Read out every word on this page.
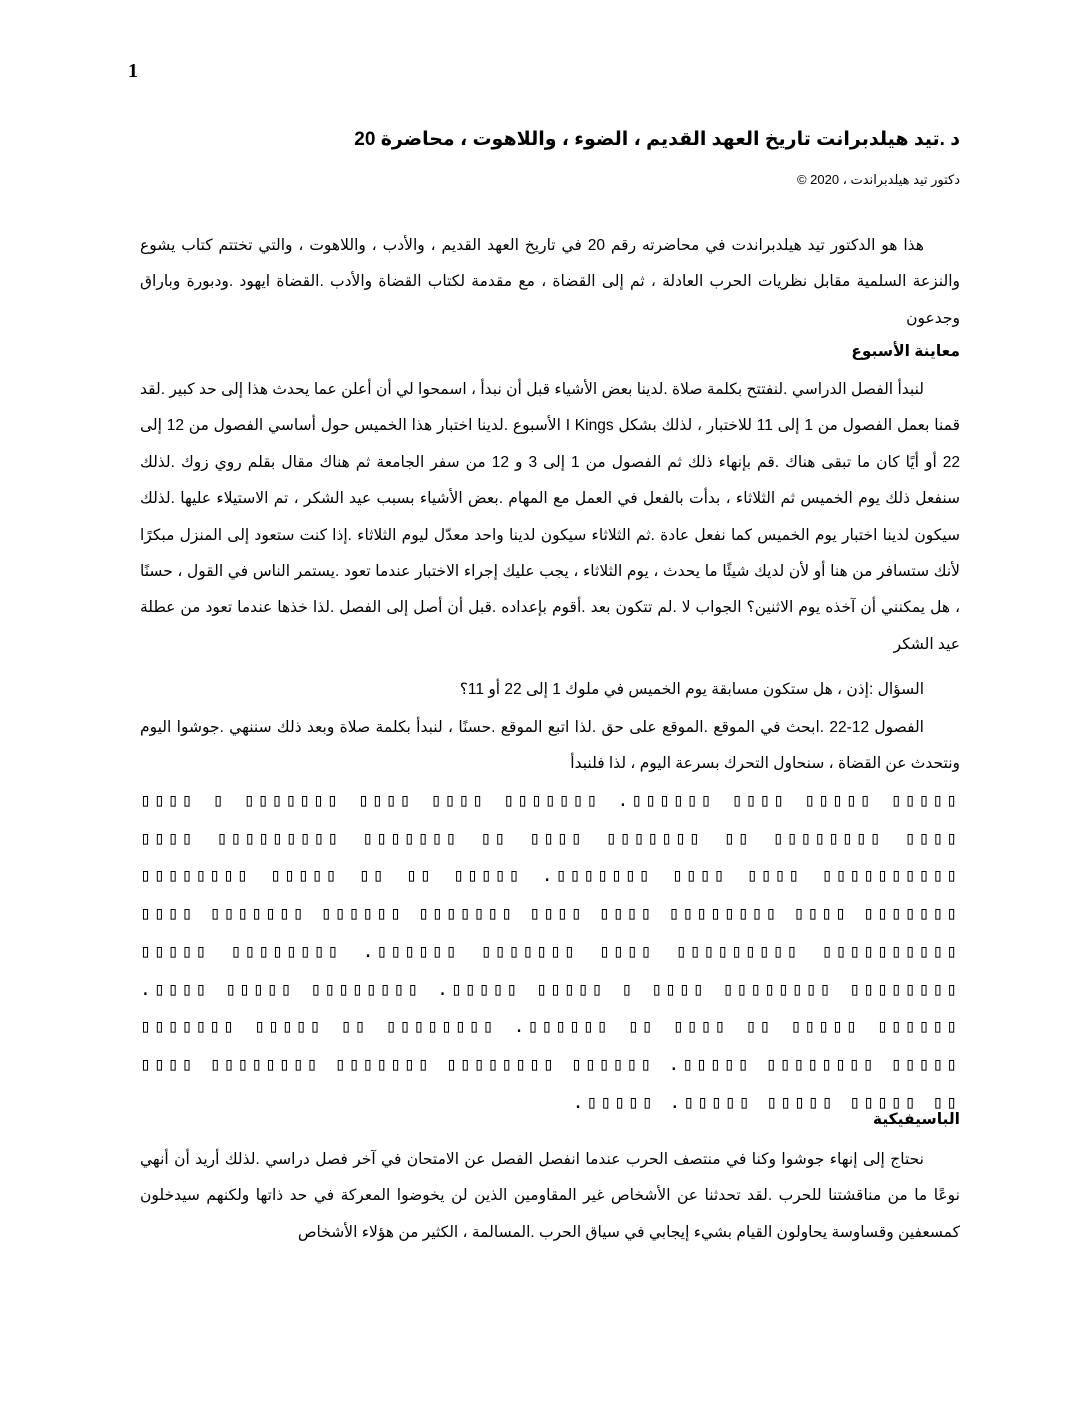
1
د .تيد هيلدبرانت تاريخ العهد القديم ، الضوء ، واللاهوت ، محاضرة 20
دكتور تيد هيلدبراندت ، 2020 ©

هذا هو الدكتور تيد هيلدبراندت في محاضرته رقم 20 في تاريخ العهد القديم ، والأدب ، واللاهوت ، والتي تختتم كتاب يشوع والنزعة السلمية مقابل نظريات الحرب العادلة ، ثم إلى القضاة ، مع مقدمة لكتاب القضاة والأدب .القضاة ايهود .ودبورة وباراق وجدعون

معاينة الأسبوع

لنبدأ الفصل الدراسي .لنفتتح بكلمة صلاة .لدينا بعض الأشياء قبل أن نبدأ ، اسمحوا لي أن أعلن عما يحدث هذا إلى حد كبير .لقد قمنا بعمل الفصول من 1 إلى 11 للاختبار ، لذلك بشكل I Kings الأسبوع .لدينا اختبار هذا الخميس حول أساسي الفصول من 12 إلى 22 أو أيًا كان ما تبقى هناك .قم بإنهاء ذلك ثم الفصول من 1 إلى 3 و 12 من سفر الجامعة ثم هناك مقال بقلم روي زوك .لذلك سنفعل ذلك يوم الخميس ثم الثلاثاء ، بدأت بالفعل في العمل مع المهام .بعض الأشياء بسبب عيد الشكر ، تم الاستيلاء عليها .لذلك سيكون لدينا اختبار يوم الخميس كما نفعل عادة .ثم الثلاثاء سيكون لدينا واحد معدّل ليوم الثلاثاء .إذا كنت ستعود إلى المنزل مبكرًا لأنك ستسافر من هنا أو لأن لديك شيئًا ما يحدث ، يوم الثلاثاء ، يجب عليك إجراء الاختبار عندما تعود .يستمر الناس في القول ، حسنًا ، هل يمكنني أن آخذه يوم الاثنين؟ الجواب لا .لم تتكون بعد .أقوم بإعداده .قبل أن أصل إلى الفصل .لذا خذها عندما تعود من عطلة عيد الشكر

السؤال :إذن ، هل ستكون مسابقة يوم الخميس في ملوك 1 إلى 22 أو 11؟

الفصول 12-22 .ابحث في الموقع .الموقع على حق .لذا اتبع الموقع .حسنًا ، لنبدأ بكلمة صلاة وبعد ذلك سننهي .جوشوا اليوم ونتحدث عن القضاة ، سنحاول التحرك بسرعة اليوم ، لذا فلنبدأ

▯▯▯▯▯ ▯▯▯▯▯ ▯▯▯▯ ▯▯▯▯▯▯. ▯▯▯▯▯▯▯ ▯▯▯▯ ▯▯▯▯ ▯▯▯▯▯▯▯ ▯ ▯▯▯▯ ▯▯▯▯ ▯▯▯▯▯▯▯▯ ▯▯ ▯▯▯▯▯▯▯ ▯▯▯▯ ▯▯ ▯▯▯▯▯▯▯ ▯▯▯▯▯▯▯▯▯ ▯▯▯▯ ▯▯▯▯▯▯▯▯▯▯ ▯▯▯▯ ▯▯▯▯ ▯▯▯▯▯▯▯. ▯▯▯▯▯ ▯▯ ▯▯ ▯▯▯▯▯ ▯▯▯▯▯▯▯▯ ▯▯▯▯▯▯▯ ▯▯▯▯ ▯▯▯▯▯▯▯▯ ▯▯▯▯ ▯▯▯▯ ▯▯▯▯▯▯▯ ▯▯▯▯▯▯ ▯▯▯▯▯▯▯ ▯▯▯▯ ▯▯▯▯▯▯▯▯▯▯ ▯▯▯▯▯▯▯▯▯ ▯▯▯▯ ▯▯▯▯▯▯▯ ▯▯▯▯▯▯. ▯▯▯▯▯▯▯▯ ▯▯▯▯▯ ▯▯▯▯▯▯▯▯ ▯▯▯▯▯▯▯▯ ▯▯▯▯ ▯ ▯▯▯▯▯ ▯▯▯▯▯. ▯▯▯▯▯▯▯▯ ▯▯▯▯▯ ▯▯▯▯. ▯▯▯▯▯▯ ▯▯▯▯▯ ▯▯ ▯▯▯▯ ▯▯ ▯▯▯▯▯▯. ▯▯▯▯▯▯▯▯ ▯▯ ▯▯▯▯▯ ▯▯▯▯▯▯▯ ▯▯▯▯▯ ▯▯▯▯▯▯▯▯ ▯▯▯▯▯. ▯▯▯▯▯▯ ▯▯▯▯▯▯▯▯ ▯▯▯▯▯▯▯ ▯▯▯▯▯▯▯▯ ▯▯▯▯ ▯▯ ▯▯▯▯▯ ▯▯▯▯▯ ▯▯▯▯▯. ▯▯▯▯▯.
الباسيفيكية

نحتاج إلى إنهاء جوشوا وكنا في منتصف الحرب عندما انفصل الفصل عن الامتحان في آخر فصل دراسي .لذلك أريد أن أنهي نوعًا ما من مناقشتنا للحرب .لقد تحدثنا عن الأشخاص غير المقاومين الذين لن يخوضوا المعركة في حد ذاتها ولكنهم سيدخلون كمسعفين وقساوسة يحاولون القيام بشيء إيجابي في سياق الحرب .المسالمة ، الكثير من هؤلاء الأشخاص
